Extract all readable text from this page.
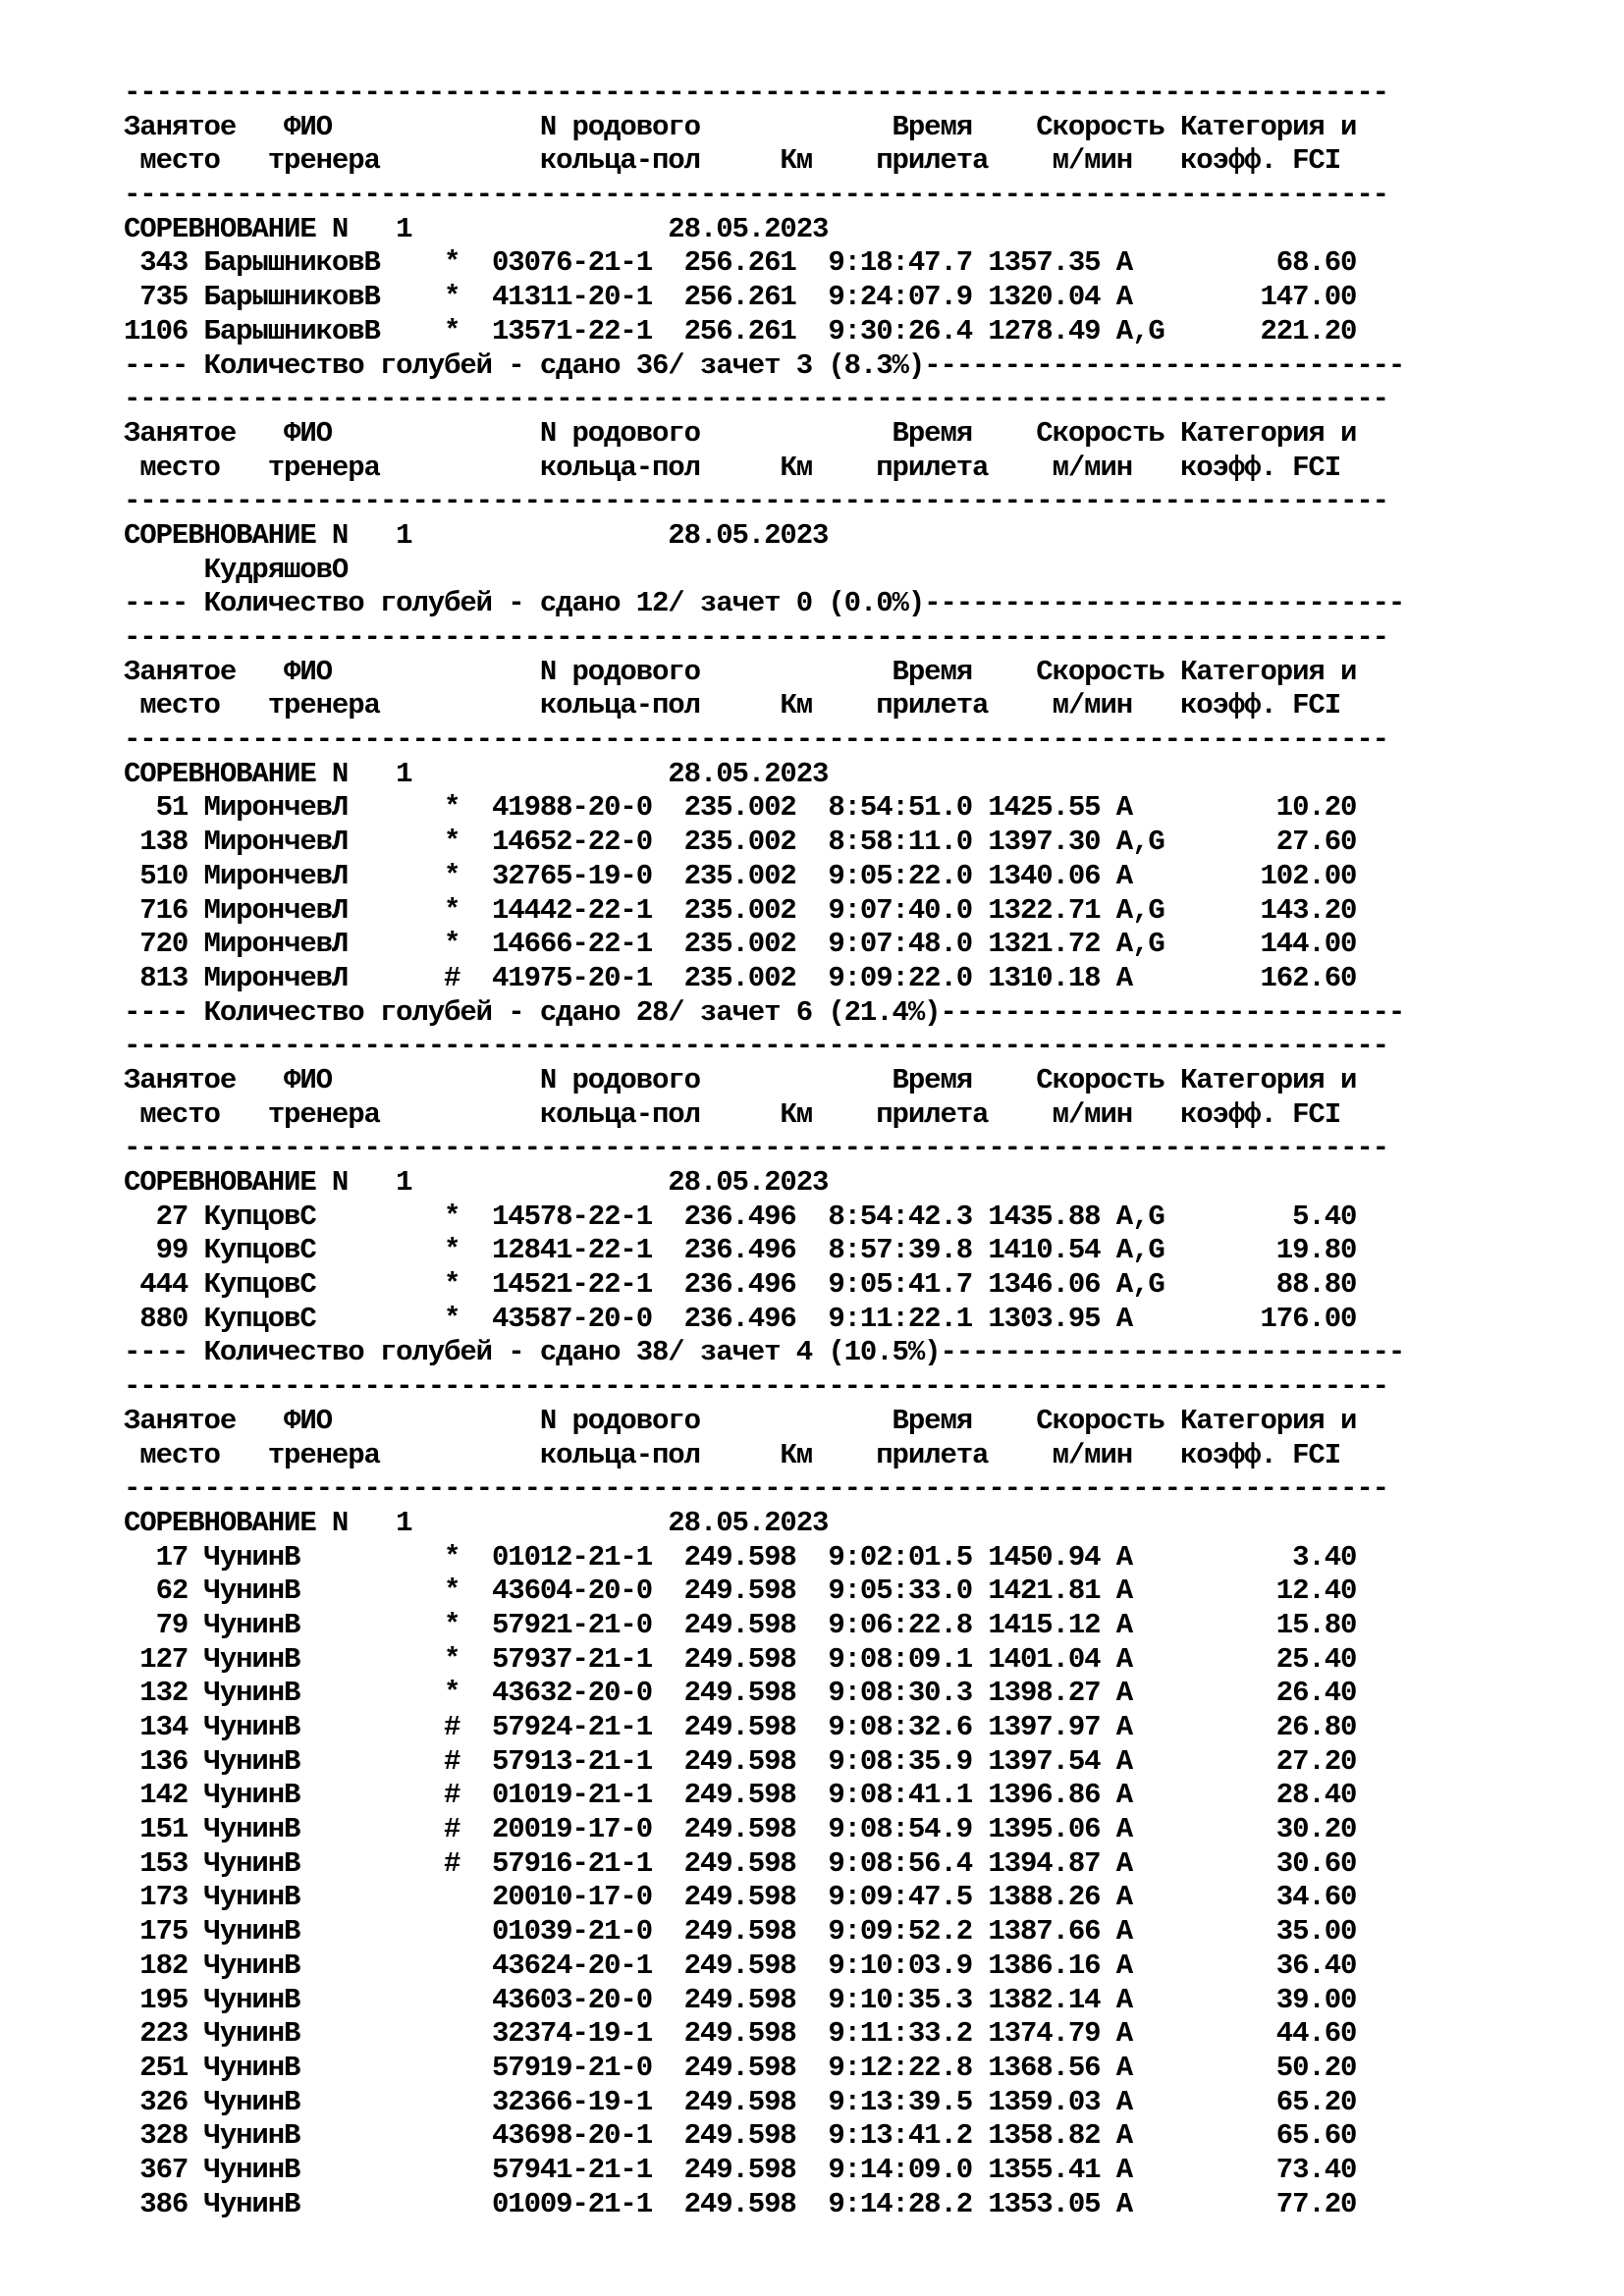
-------------------------------------------------------------------------------
Занятое   ФИО             N родового            Время    Скорость Категория и
место   тренера          кольца-пол     Км    прилета    м/мин   коэфф. FCI
-------------------------------------------------------------------------------
СОРЕВНОВАНИЕ N   1                28.05.2023
343 БарышниковВ    *  03076-21-1  256.261  9:18:47.7 1357.35 A         68.60
735 БарышниковВ    *  41311-20-1  256.261  9:24:07.9 1320.04 A        147.00
1106 БарышниковВ    *  13571-22-1  256.261  9:30:26.4 1278.49 A,G      221.20
---- Количество голубей - сдано 36/ зачет 3 (8.3%)------------------------------
-------------------------------------------------------------------------------
Занятое   ФИО             N родового            Время    Скорость Категория и
место   тренера          кольца-пол     Км    прилета    м/мин   коэфф. FCI
-------------------------------------------------------------------------------
СОРЕВНОВАНИЕ N   1                28.05.2023
КудряшовО
---- Количество голубей - сдано 12/ зачет 0 (0.0%)------------------------------
-------------------------------------------------------------------------------
Занятое   ФИО             N родового            Время    Скорость Категория и
место   тренера          кольца-пол     Км    прилета    м/мин   коэфф. FCI
-------------------------------------------------------------------------------
СОРЕВНОВАНИЕ N   1                28.05.2023
51 МирончевЛ      *  41988-20-0  235.002  8:54:51.0 1425.55 A         10.20
138 МирончевЛ      *  14652-22-0  235.002  8:58:11.0 1397.30 A,G       27.60
510 МирончевЛ      *  32765-19-0  235.002  9:05:22.0 1340.06 A        102.00
716 МирончевЛ      *  14442-22-1  235.002  9:07:40.0 1322.71 A,G      143.20
720 МирончевЛ      *  14666-22-1  235.002  9:07:48.0 1321.72 A,G      144.00
813 МирончевЛ      #  41975-20-1  235.002  9:09:22.0 1310.18 A        162.60
---- Количество голубей - сдано 28/ зачет 6 (21.4%)-----------------------------
-------------------------------------------------------------------------------
Занятое   ФИО             N родового            Время    Скорость Категория и
место   тренера          кольца-пол     Км    прилета    м/мин   коэфф. FCI
-------------------------------------------------------------------------------
СОРЕВНОВАНИЕ N   1                28.05.2023
27 КупцовС        *  14578-22-1  236.496  8:54:42.3 1435.88 A,G        5.40
99 КупцовС        *  12841-22-1  236.496  8:57:39.8 1410.54 A,G       19.80
444 КупцовС        *  14521-22-1  236.496  9:05:41.7 1346.06 A,G       88.80
880 КупцовС        *  43587-20-0  236.496  9:11:22.1 1303.95 A        176.00
---- Количество голубей - сдано 38/ зачет 4 (10.5%)-----------------------------
-------------------------------------------------------------------------------
Занятое   ФИО             N родового            Время    Скорость Категория и
место   тренера          кольца-пол     Км    прилета    м/мин   коэфф. FCI
-------------------------------------------------------------------------------
СОРЕВНОВАНИЕ N   1                28.05.2023
17 ЧунинВ         *  01012-21-1  249.598  9:02:01.5 1450.94 A          3.40
62 ЧунинВ         *  43604-20-0  249.598  9:05:33.0 1421.81 A         12.40
79 ЧунинВ         *  57921-21-0  249.598  9:06:22.8 1415.12 A         15.80
127 ЧунинВ         *  57937-21-1  249.598  9:08:09.1 1401.04 A         25.40
132 ЧунинВ         *  43632-20-0  249.598  9:08:30.3 1398.27 A         26.40
134 ЧунинВ         #  57924-21-1  249.598  9:08:32.6 1397.97 A         26.80
136 ЧунинВ         #  57913-21-1  249.598  9:08:35.9 1397.54 A         27.20
142 ЧунинВ         #  01019-21-1  249.598  9:08:41.1 1396.86 A         28.40
151 ЧунинВ         #  20019-17-0  249.598  9:08:54.9 1395.06 A         30.20
153 ЧунинВ         #  57916-21-1  249.598  9:08:56.4 1394.87 A         30.60
173 ЧунинВ            20010-17-0  249.598  9:09:47.5 1388.26 A         34.60
175 ЧунинВ            01039-21-0  249.598  9:09:52.2 1387.66 A         35.00
182 ЧунинВ            43624-20-1  249.598  9:10:03.9 1386.16 A         36.40
195 ЧунинВ            43603-20-0  249.598  9:10:35.3 1382.14 A         39.00
223 ЧунинВ            32374-19-1  249.598  9:11:33.2 1374.79 A         44.60
251 ЧунинВ            57919-21-0  249.598  9:12:22.8 1368.56 A         50.20
326 ЧунинВ            32366-19-1  249.598  9:13:39.5 1359.03 A         65.20
328 ЧунинВ            43698-20-1  249.598  9:13:41.2 1358.82 A         65.60
367 ЧунинВ            57941-21-1  249.598  9:14:09.0 1355.41 A         73.40
386 ЧунинВ            01009-21-1  249.598  9:14:28.2 1353.05 A         77.20
